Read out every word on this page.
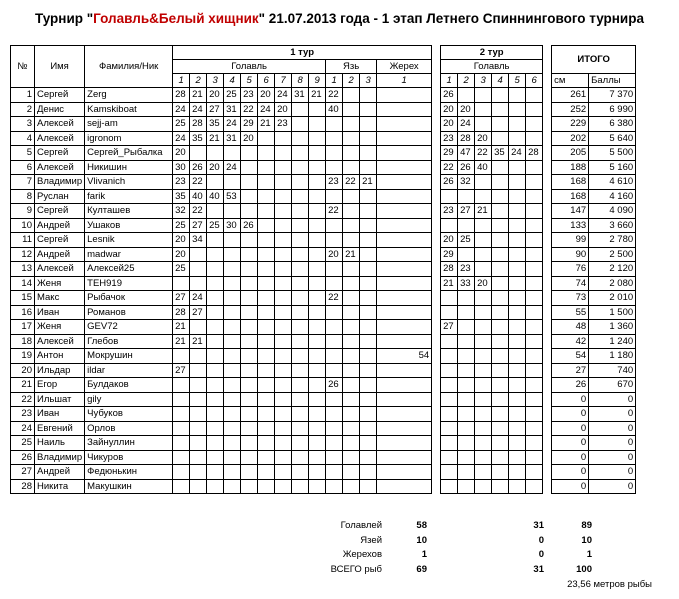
Турнир "Голавль&Белый хищник" 21.07.2013 года - 1 этап Летнего Спиннингового турнира
№	Имя	Фамилия/Ник	1 тур														2 тур							ИТОГО	
			Голавль									Язь			Жерех		Голавль								
			1	2	3	4	5	6	7	8	9	1	2	3	1		1	2	3	4	5	6		см	Баллы
1	Сергей	Zerg	28	21	20	25	23	20	24	31	21	22					26							261	7 370
2	Денис	Kamskiboat	24	24	27	31	22	24	20			40					20	20						252	6 990
3	Алексей	sejj-am	25	28	35	24	29	21	23								20	24						229	6 380
4	Алексей	igronom	24	35	21	31	20										23	28	20					202	5 640
5	Сергей	Сергей_Рыбалка	20														29	47	22	35	24	28		205	5 500
6	Алексей	Никишин	30	26	20	24											22	26	40					188	5 160
7	Владимир	Vlivanich	23	22								23	22	21			26	32						168	4 610
8	Руслан	farik	35	40	40	53																		168	4 160
9	Сергей	Култашев	32	22								22					23	27	21					147	4 090
10	Андрей	Ушаков	25	27	25	30	26																	133	3 660
11	Сергей	Lesnik	20	34													20	25						99	2 780
12	Андрей	madwar	20									20	21				29							90	2 500
13	Алексей	Алексей25	25														28	23						76	2 120
14	Женя	TEH919															21	33	20					74	2 080
15	Макс	Рыбачок	27	24								22												73	2 010
16	Иван	Романов	28	27																				55	1 500
17	Женя	GEV72	21														27							48	1 360
18	Алексей	Глебов	21	21																				42	1 240
19	Антон	Мокрушин													54									54	1 180
20	Ильдар	ildar	27																					27	740
21	Егор	Булдаков										26												26	670
22	Ильшат	gily																						0	0
23	Иван	Чубуков																						0	0
24	Евгений	Орлов																						0	0
25	Наиль	Зайнуллин																						0	0
26	Владимир	Чикуров																						0	0
27	Андрей	Федюнькин																						0	0
28	Никита	Макушкин																						0	0
Голавлей	58	31	89
Язей	10	0	10
Жерехов	1	0	1
ВСЕГО рыб	69	31	100
23,56 метров рыбы
